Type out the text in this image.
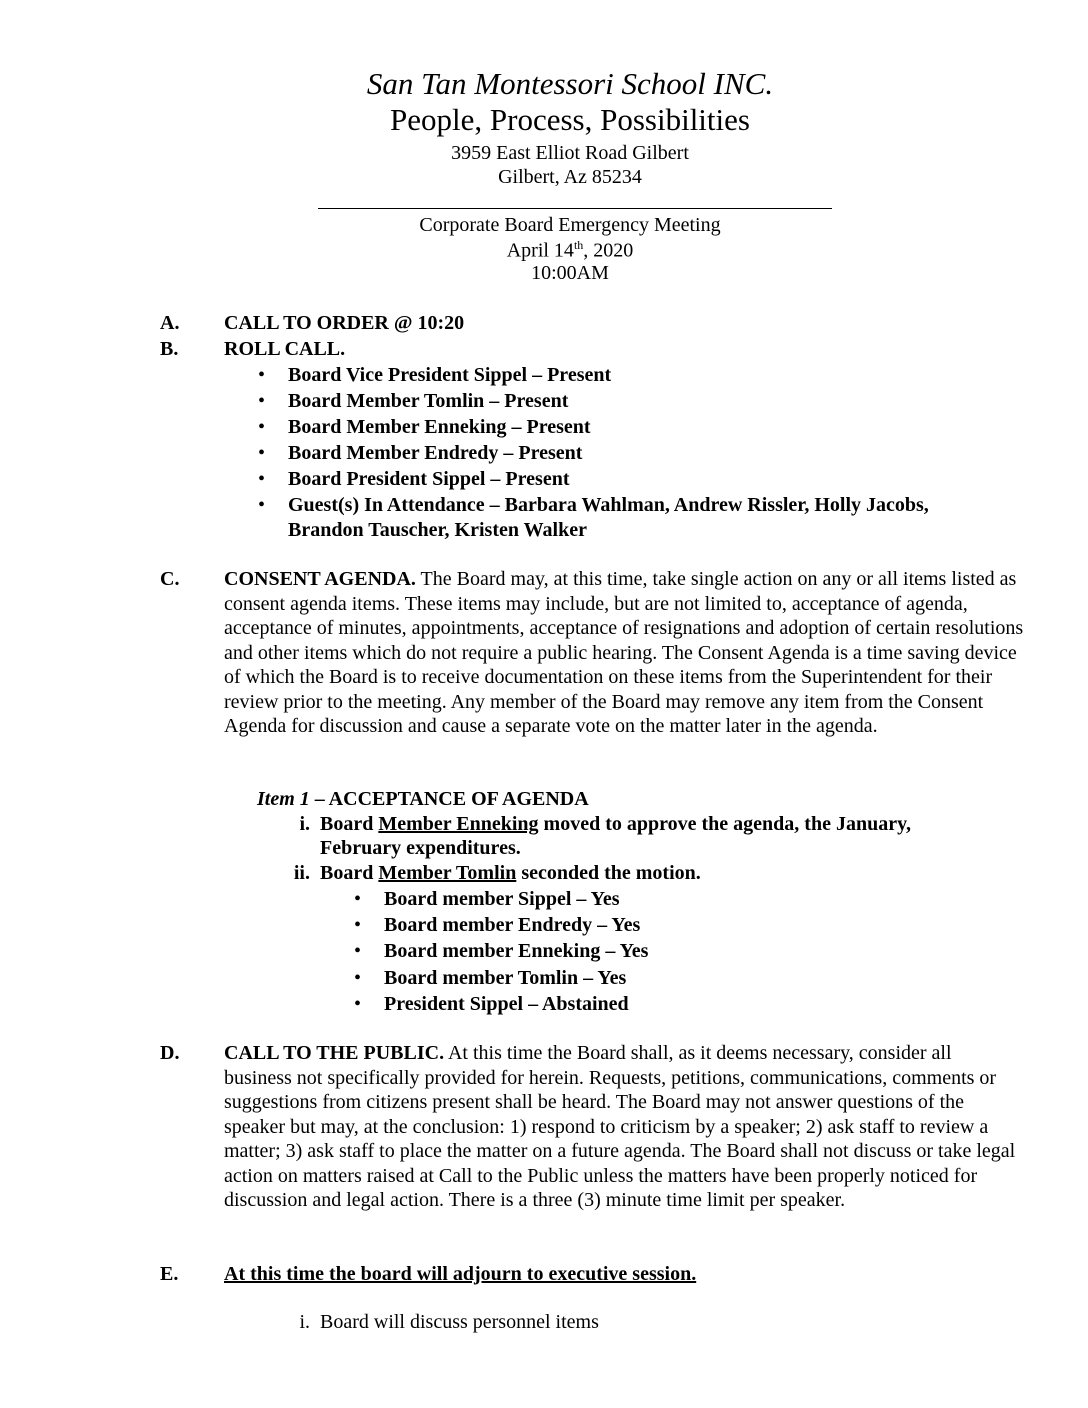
San Tan Montessori School INC.
People, Process, Possibilities
3959 East Elliot Road Gilbert
Gilbert, Az 85234
Corporate Board Emergency Meeting
April 14th, 2020
10:00AM
A. CALL TO ORDER @ 10:20
B. ROLL CALL.
• Board Vice President Sippel – Present
• Board Member Tomlin – Present
• Board Member Enneking – Present
• Board Member Endredy – Present
• Board President Sippel – Present
• Guest(s) In Attendance – Barbara Wahlman, Andrew Rissler, Holly Jacobs,
Brandon Tauscher, Kristen Walker
C. CONSENT AGENDA. The Board may, at this time, take single action on any or all items listed as consent agenda items. These items may include, but are not limited to, acceptance of agenda, acceptance of minutes, appointments, acceptance of resignations and adoption of certain resolutions and other items which do not require a public hearing. The Consent Agenda is a time saving device of which the Board is to receive documentation on these items from the Superintendent for their review prior to the meeting. Any member of the Board may remove any item from the Consent Agenda for discussion and cause a separate vote on the matter later in the agenda.
Item 1 – ACCEPTANCE OF AGENDA
i. Board Member Enneking moved to approve the agenda, the January,
February expenditures.
ii. Board Member Tomlin seconded the motion.
• Board member Sippel – Yes
• Board member Endredy – Yes
• Board member Enneking – Yes
• Board member Tomlin – Yes
• President Sippel – Abstained
D. CALL TO THE PUBLIC. At this time the Board shall, as it deems necessary, consider all business not specifically provided for herein. Requests, petitions, communications, comments or suggestions from citizens present shall be heard. The Board may not answer questions of the speaker but may, at the conclusion: 1) respond to criticism by a speaker; 2) ask staff to review a matter; 3) ask staff to place the matter on a future agenda. The Board shall not discuss or take legal action on matters raised at Call to the Public unless the matters have been properly noticed for discussion and legal action. There is a three (3) minute time limit per speaker.
E. At this time the board will adjourn to executive session.
i. Board will discuss personnel items
